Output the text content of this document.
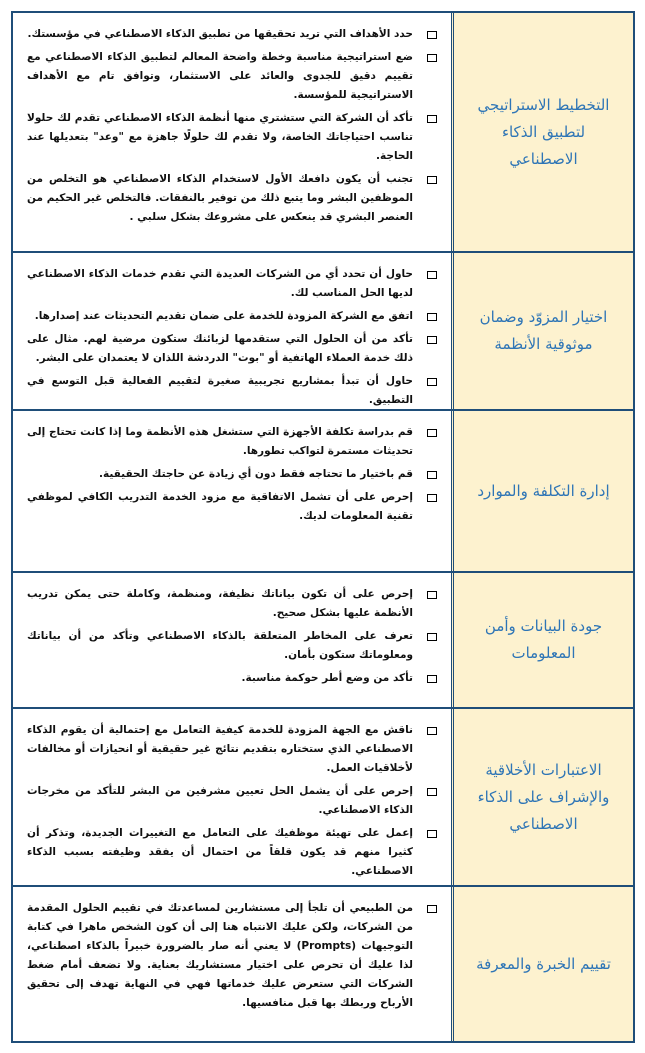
التخطيط الاستراتيجي لتطبيق الذكاء الاصطناعي
حدد الأهداف التي تريد تحقيقها من تطبيق الذكاء الاصطناعي في مؤسستك.
ضع استراتيجية مناسبة وخطة واضحة المعالم لتطبيق الذكاء الاصطناعي مع تقييم دقيق للجدوى والعائد على الاستثمار، وتوافق تام مع الأهداف الاستراتيجية للمؤسسة.
تأكد أن الشركة التي ستشتري منها أنظمة الذكاء الاصطناعي تقدم لك حلولا تناسب احتياجاتك الخاصة، ولا تقدم لك حلولًا جاهزة مع "وعد" بتعديلها عند الحاجة.
تجنب أن يكون دافعك الأول لاستخدام الذكاء الاصطناعي هو التخلص من الموظفين البشر وما يتبع ذلك من توفير بالنفقات. فالتخلص غير الحكيم من العنصر البشري قد ينعكس على مشروعك بشكل سلبي .
اختيار المزوّد وضمان موثوقية الأنظمة
حاول أن تحدد أي من الشركات العديدة التي تقدم خدمات الذكاء الاصطناعي لديها الحل المناسب لك.
اتفق مع الشركة المزودة للخدمة على ضمان تقديم التحديثات عند إصدارها.
تأكد من أن الحلول التي ستقدمها لزبائنك ستكون مرضية لهم. مثال على ذلك خدمة العملاء الهاتفية أو "بوت" الدردشة اللذان لا يعتمدان على البشر.
حاول أن تبدأ بمشاريع تجريبية صغيرة لتقييم الفعالية قبل التوسع في التطبيق.
إدارة التكلفة والموارد
قم بدراسة تكلفة الأجهزة التي ستشغل هذه الأنظمة وما إذا كانت تحتاج إلى تحديثات مستمرة لتواكب تطورها.
قم باختيار ما تحتاجه فقط دون أي زيادة عن حاجتك الحقيقية.
إحرص على أن تشمل الاتفاقية مع مزود الخدمة التدريب الكافي لموظفي تقنية المعلومات لديك.
جودة البيانات وأمن المعلومات
إحرص على أن تكون بياناتك نظيفة، ومنظمة، وكاملة حتى يمكن تدريب الأنظمة عليها بشكل صحيح.
تعرف على المخاطر المتعلقة بالذكاء الاصطناعي وتأكد من أن بياناتك ومعلوماتك ستكون بأمان.
تأكد من وضع أطر حوكمة مناسبة.
الاعتبارات الأخلاقية والإشراف على الذكاء الاصطناعي
ناقش مع الجهة المزودة للخدمة كيفية التعامل مع إحتمالية أن يقوم الذكاء الاصطناعي الذي ستختاره بتقديم نتائج غير حقيقية أو انحيازات أو مخالفات لأخلاقيات العمل.
إحرص على أن يشمل الحل تعيين مشرفين من البشر للتأكد من مخرجات الذكاء الاصطناعي.
إعمل على تهيئة موظفيك على التعامل مع التغييرات الجديدة، وتذكر أن كثيرا منهم قد يكون قلقاً من احتمال أن يفقد وظيفته بسبب الذكاء الاصطناعي.
تقييم الخبرة والمعرفة
من الطبيعي أن تلجأ إلى مستشارين لمساعدتك في تقييم الحلول المقدمة من الشركات، ولكن عليك الانتباه هنا إلى أن كون الشخص ماهرا في كتابة التوجيهات (Prompts) لا يعني أنه صار بالضرورة خبيراً بالذكاء اصطناعي، لذا عليك أن تحرص على اختيار مستشاريك بعناية. ولا تضعف أمام ضغط الشركات التي ستعرض عليك خدماتها فهي في النهاية تهدف إلى تحقيق الأرباح وربطك بها قبل منافسيها.
